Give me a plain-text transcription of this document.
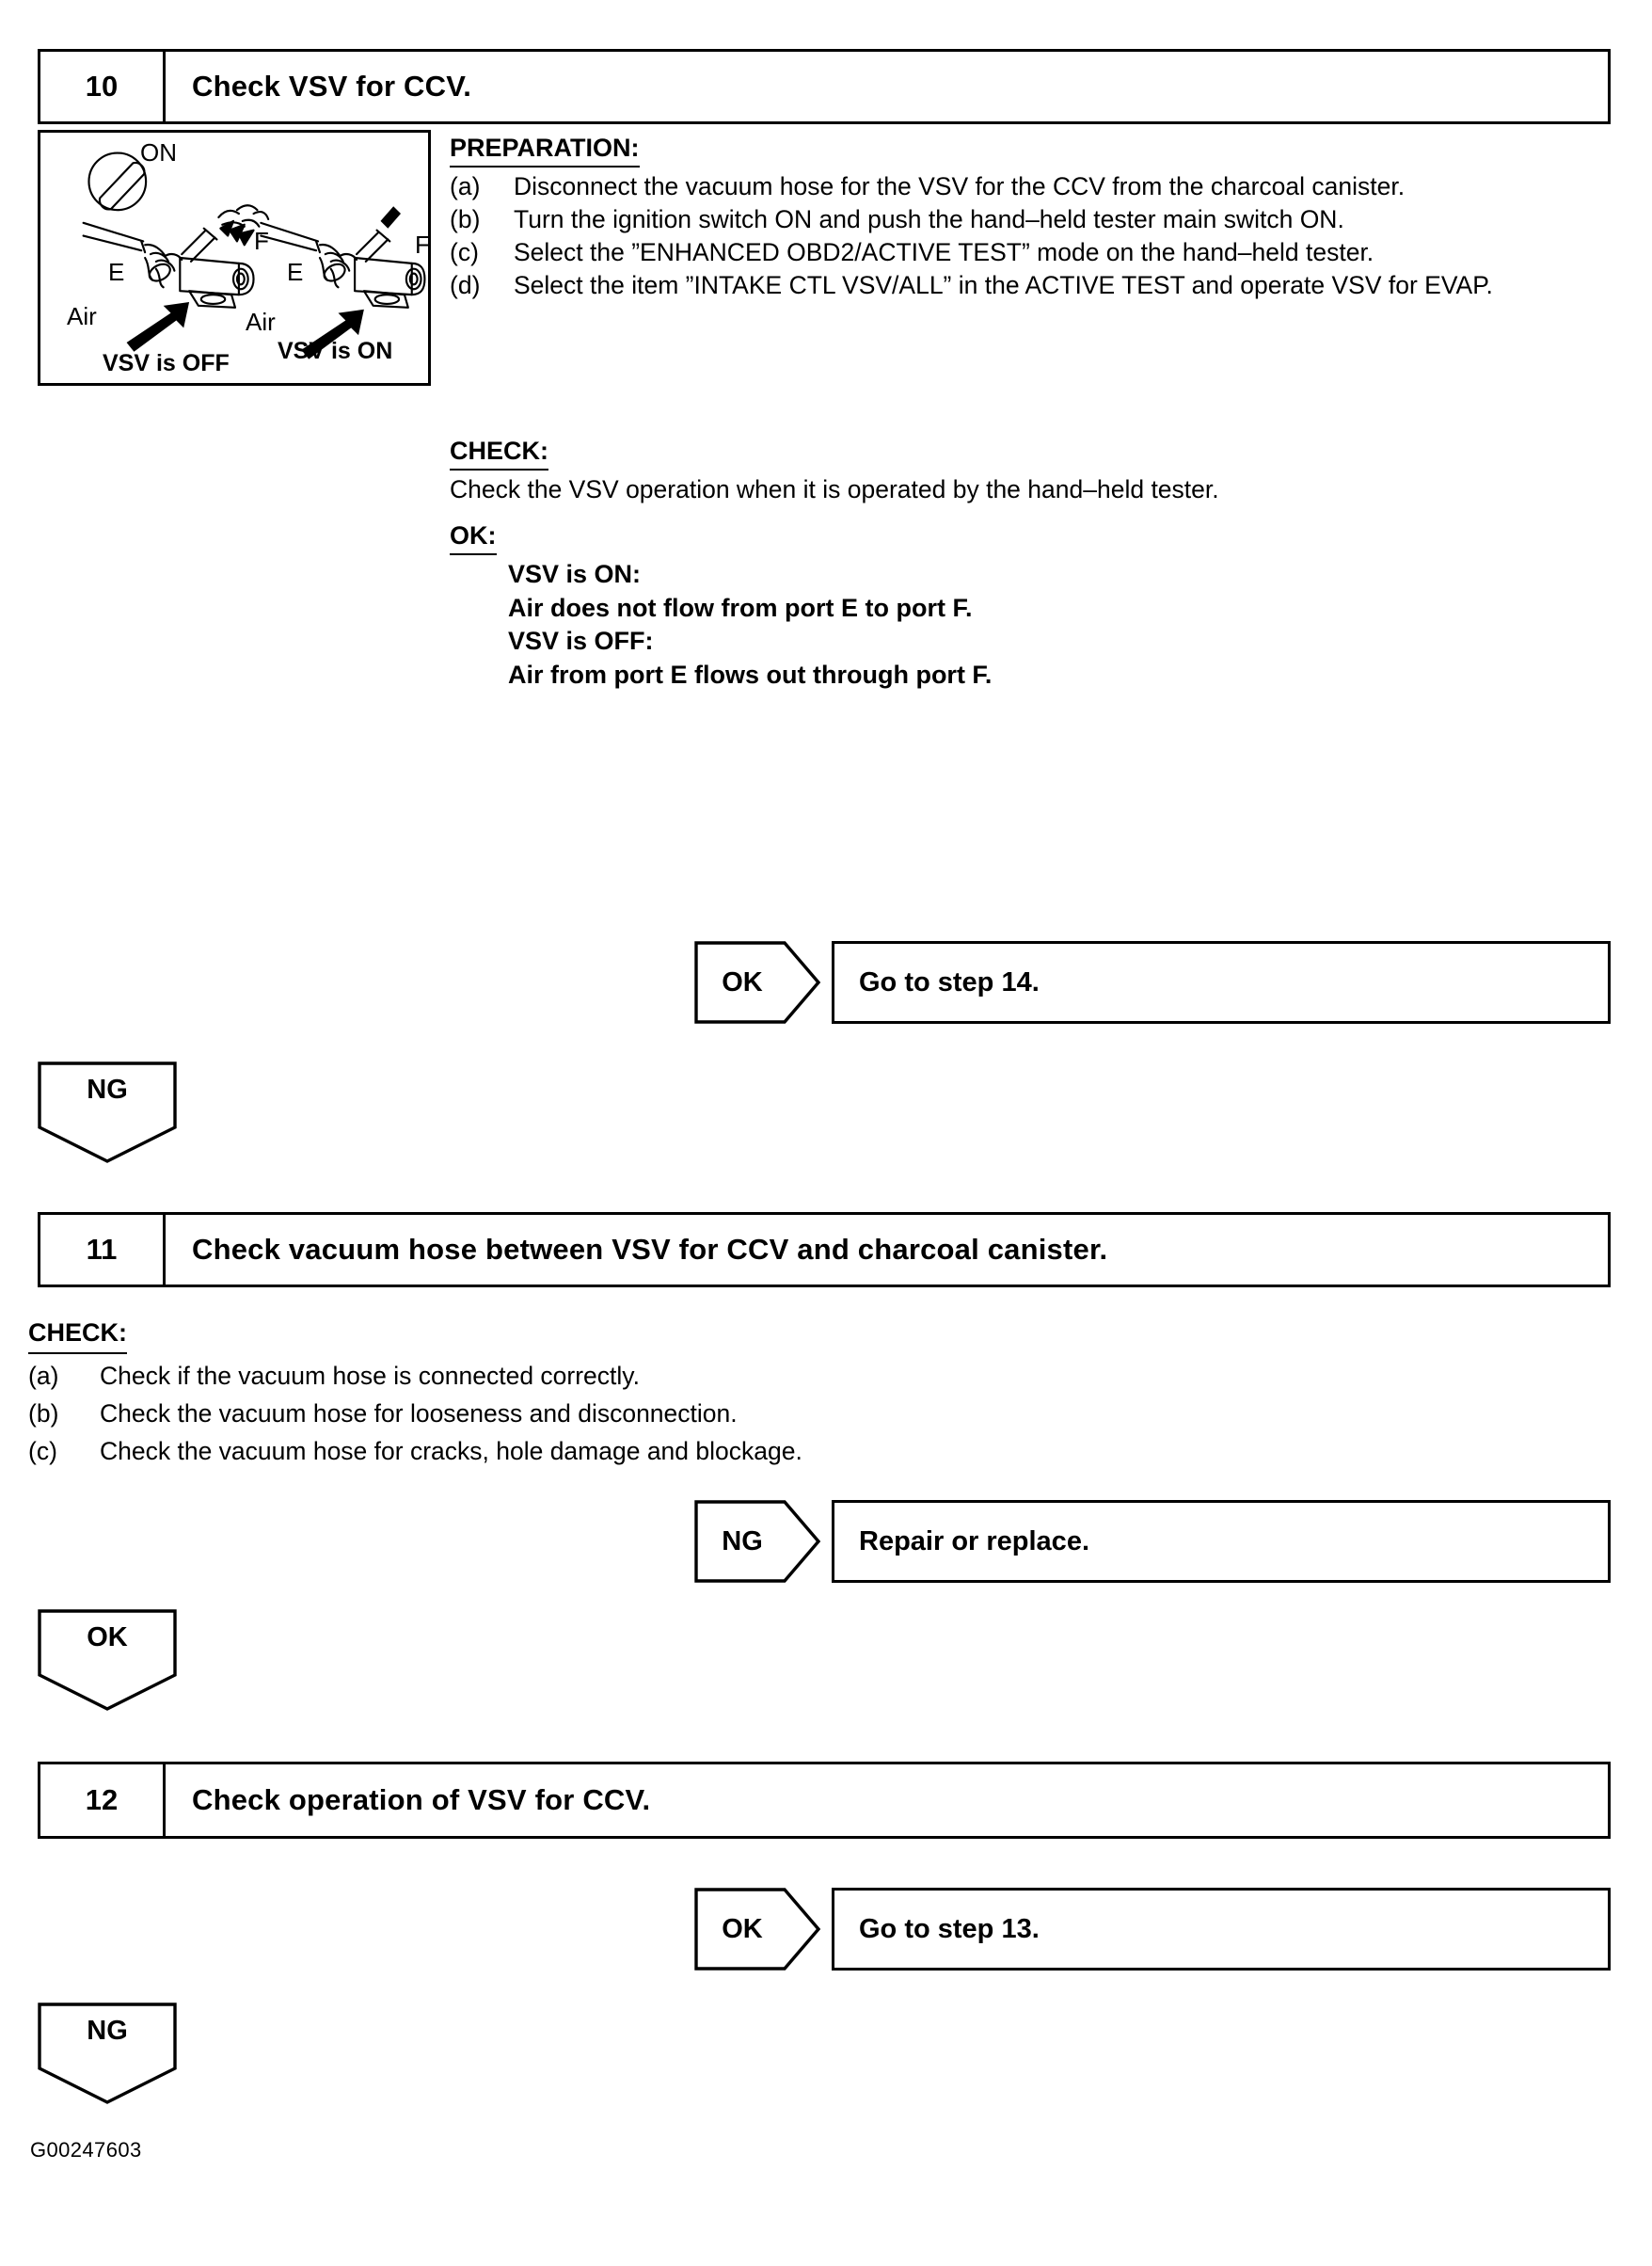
10	Check VSV for CCV.
ON
F
E
Air
F
E
Air
VSV is OFF VSV is ON
PREPARATION:
(a)	Disconnect the vacuum hose for the VSV for the CCV from the charcoal canister.
(b)	Turn the ignition switch ON and push the hand–held tester main switch ON.
(c)	Select the ”ENHANCED OBD2/ACTIVE TEST” mode on the hand–held tester.
(d)	Select the item ”INTAKE CTL VSV/ALL” in the ACTIVE TEST and operate VSV for EVAP.
CHECK:
Check the VSV operation when it is operated by the hand–held tester.
OK:
VSV is ON:
Air does not flow from port E to port F.
VSV is OFF:
Air from port E flows out through port F.
OK	Go to step 14.
NG
11	Check vacuum hose between VSV for CCV and charcoal canister.
CHECK:
(a)	Check if the vacuum hose is connected correctly.
(b)	Check the vacuum hose for looseness and disconnection.
(c)	Check the vacuum hose for cracks, hole damage and blockage.
NG	Repair or replace.
OK
12	Check operation of VSV for CCV.
OK	Go to step 13.
NG
G00247603
